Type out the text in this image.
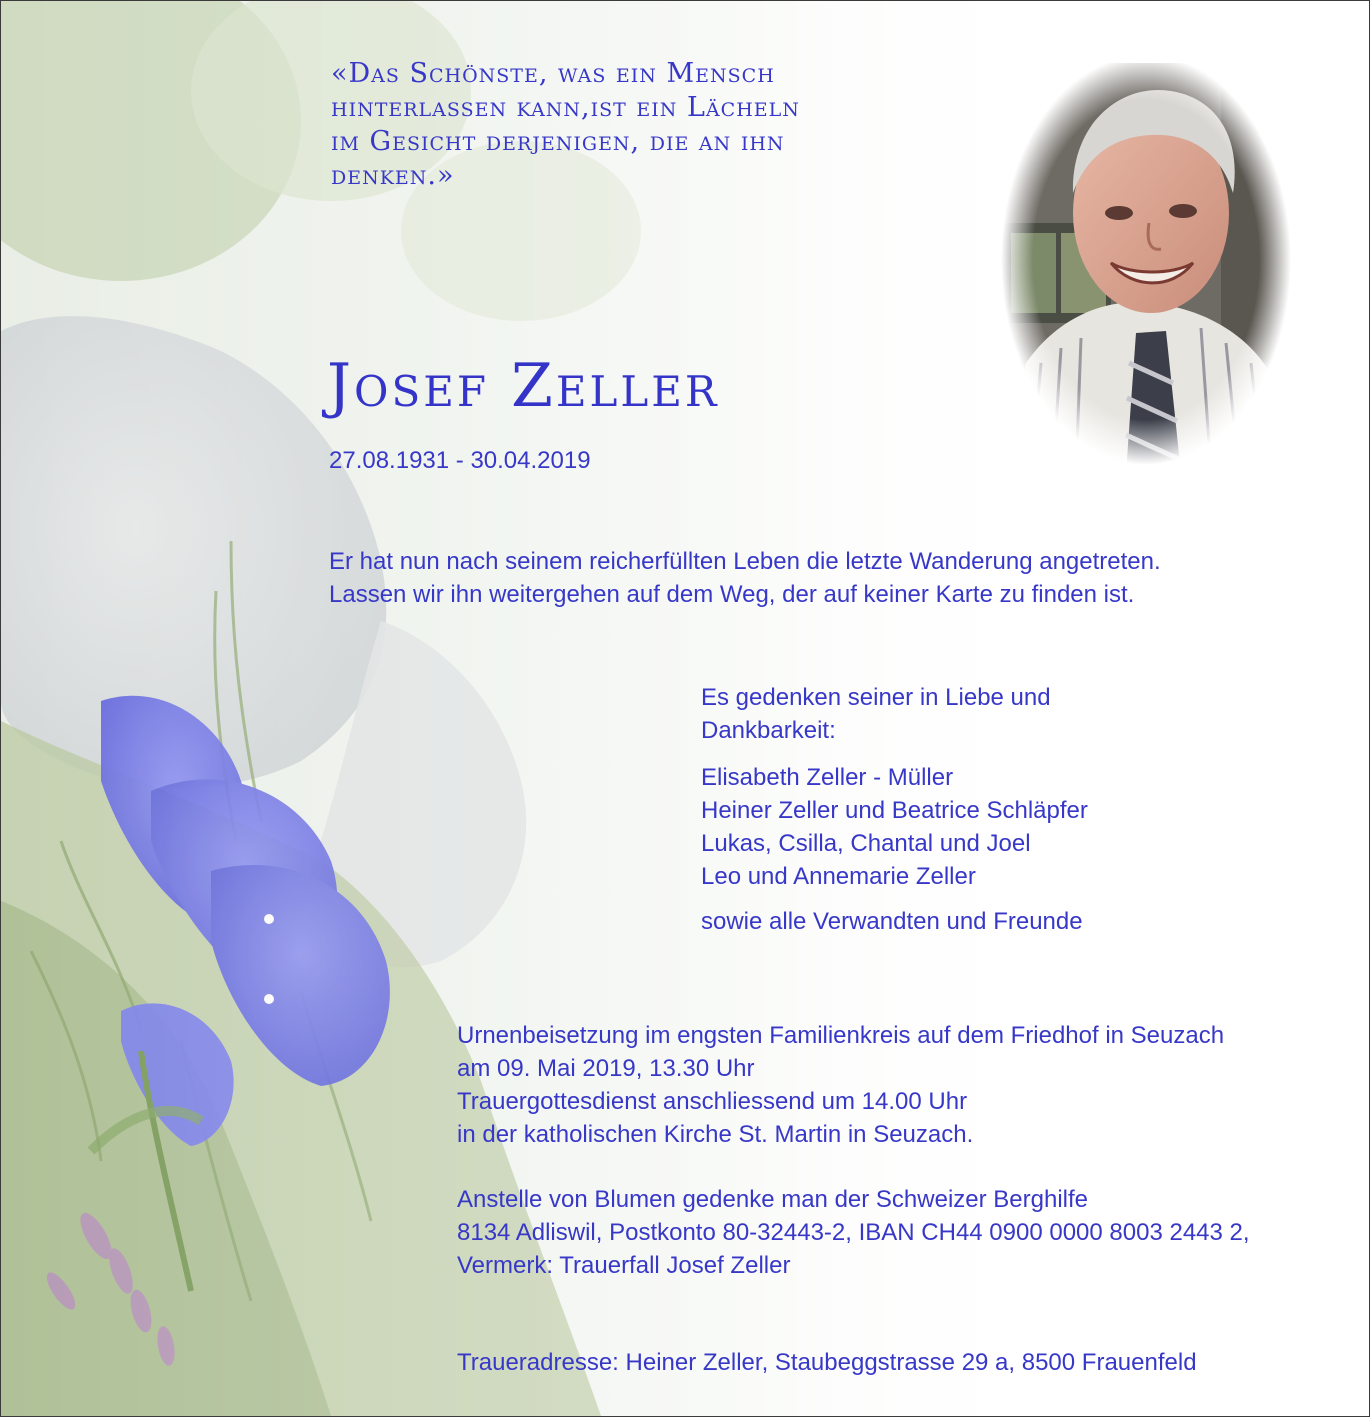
«Das Schönste, was ein Mensch
hinterlassen kann,ist ein Lächeln
im Gesicht derjenigen, die an ihn
denken.»
Josef Zeller
27.08.1931 - 30.04.2019
Er hat nun nach seinem reicherfüllten Leben die letzte Wanderung angetreten.
Lassen wir ihn weitergehen auf dem Weg, der auf keiner Karte zu finden ist.
Es gedenken seiner in Liebe und
Dankbarkeit:
Elisabeth Zeller - Müller
Heiner Zeller und Beatrice Schläpfer
Lukas, Csilla, Chantal und Joel
Leo und Annemarie Zeller
sowie alle Verwandten und Freunde
Urnenbeisetzung im engsten Familienkreis auf dem Friedhof in Seuzach
am 09. Mai 2019, 13.30 Uhr
Trauergottesdienst anschliessend um 14.00 Uhr
in der katholischen Kirche St. Martin in Seuzach.
Anstelle von Blumen gedenke man der Schweizer Berghilfe
8134 Adliswil, Postkonto 80-32443-2, IBAN CH44 0900 0000 8003 2443 2,
Vermerk: Trauerfall Josef Zeller
Traueradresse: Heiner Zeller, Staubeggstrasse 29 a, 8500 Frauenfeld
